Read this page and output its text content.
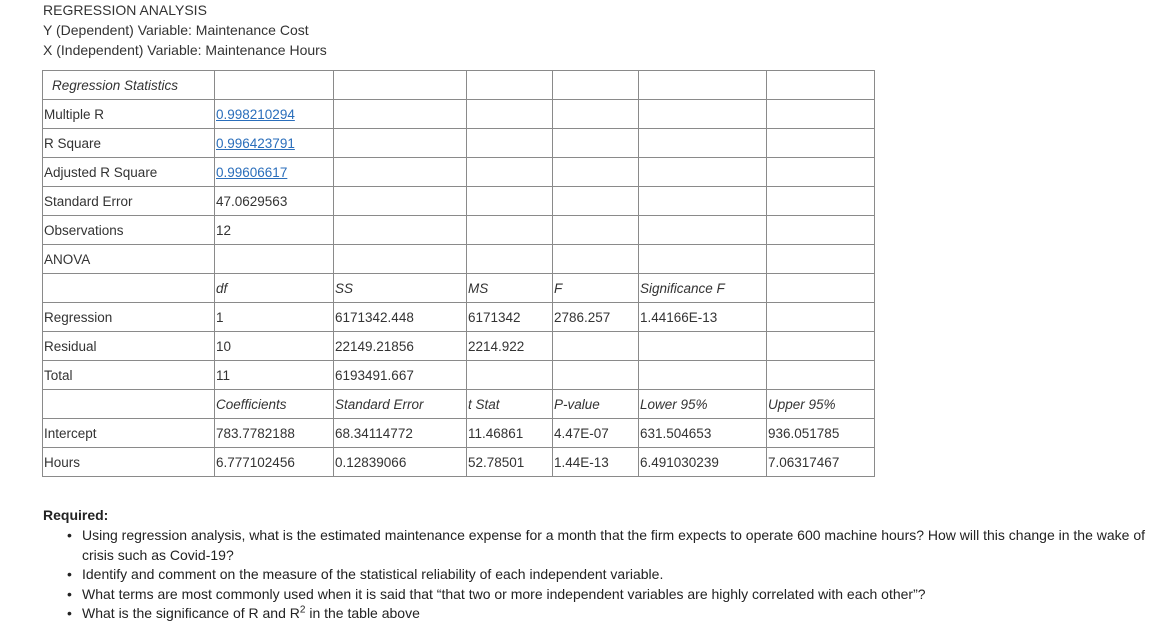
REGRESSION ANALYSIS
Y (Dependent) Variable: Maintenance Cost
X (Independent) Variable: Maintenance Hours
Regression Statistics						
Multiple R	0.998210294					
R Square	0.996423791					
Adjusted R Square	0.99606617					
Standard Error	47.0629563					
Observations	12					
ANOVA						
	df	SS	MS	F	Significance F	
Regression	1	6171342.448	6171342	2786.257	1.44166E-13	
Residual	10	22149.21856	2214.922			
Total	11	6193491.667				
	Coefficients	Standard Error	t Stat	P-value	Lower 95%	Upper 95%
Intercept	783.7782188	68.34114772	11.46861	4.47E-07	631.504653	936.051785
Hours	6.777102456	0.12839066	52.78501	1.44E-13	6.491030239	7.06317467
Required:
• Using regression analysis, what is the estimated maintenance expense for a month that the firm expects to operate 600 machine hours? How will this change in the wake of crisis such as Covid-19?
• Identify and comment on the measure of the statistical reliability of each independent variable.
• What terms are most commonly used when it is said that “that two or more independent variables are highly correlated with each other”?
• What is the significance of R and $R^2$ in the table above
